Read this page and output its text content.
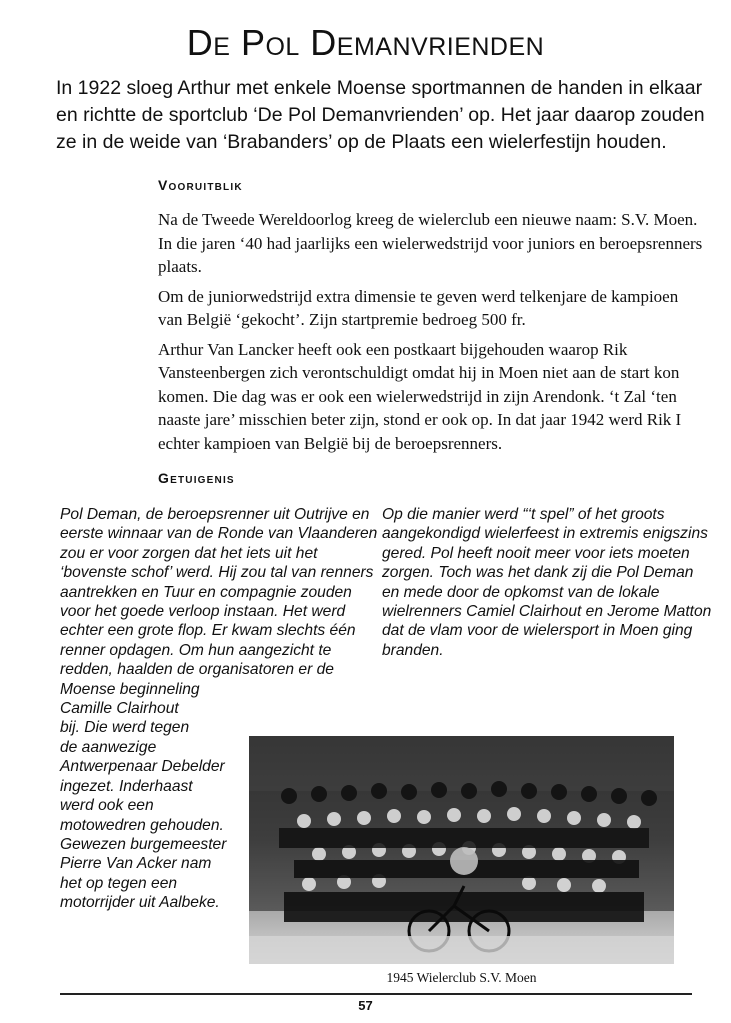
De Pol Demanvrienden

In 1922 sloeg Arthur met enkele Moense sportmannen de handen in elkaar en richtte de sportclub ‘De Pol Demanvrienden’ op. Het jaar daarop zouden ze in de weide van ‘Brabanders’ op de Plaats een wielerfestijn houden.

Vooruitblik

Na de Tweede Wereldoorlog kreeg de wielerclub een nieuwe naam: S.V. Moen. In die jaren ‘40 had jaarlijks een wielerwedstrijd voor juniors en beroepsrenners plaats.

Om de juniorwedstrijd extra dimensie te geven werd telkenjare de kampioen van België ‘gekocht’. Zijn startpremie bedroeg 500 fr.

Arthur Van Lancker heeft ook een postkaart bijgehouden waarop Rik Vansteenbergen zich verontschuldigt omdat hij in Moen niet aan de start kon komen. Die dag was er ook een wielerwedstrijd in zijn Arendonk. ‘t Zal ‘ten naaste jare’ misschien beter zijn, stond er ook op. In dat jaar 1942 werd Rik I echter kampioen van België bij de beroepsrenners.

Getuigenis

Pol Deman, de beroepsrenner uit Outrijve en eerste winnaar van de Ronde van Vlaanderen zou er voor zorgen dat het iets uit het ‘bovenste schof’ werd. Hij zou tal van renners aantrekken en Tuur en compagnie zouden voor het goede verloop instaan. Het werd echter een grote flop. Er kwam slechts één renner opdagen. Om hun aangezicht te redden, haalden de organisatoren er de

Moense beginneling
Camille Clairhout
bij. Die werd tegen
de aanwezige
Antwerpenaar Debelder
ingezet. Inderhaast
werd ook een
motowedren gehouden.
Gewezen burgemeester
Pierre Van Acker nam
het op tegen een
motorrijder uit Aalbeke.

Op die manier werd “‘t spel” of het groots aangekondigd wielerfeest in extremis enigszins gered. Pol heeft nooit meer voor iets moeten zorgen. Toch was het dank zij die Pol Deman en mede door de opkomst van de lokale wielrenners Camiel Clairhout en Jerome Matton dat de vlam voor de wielersport in Moen ging branden.

1945 Wielerclub S.V. Moen
57
